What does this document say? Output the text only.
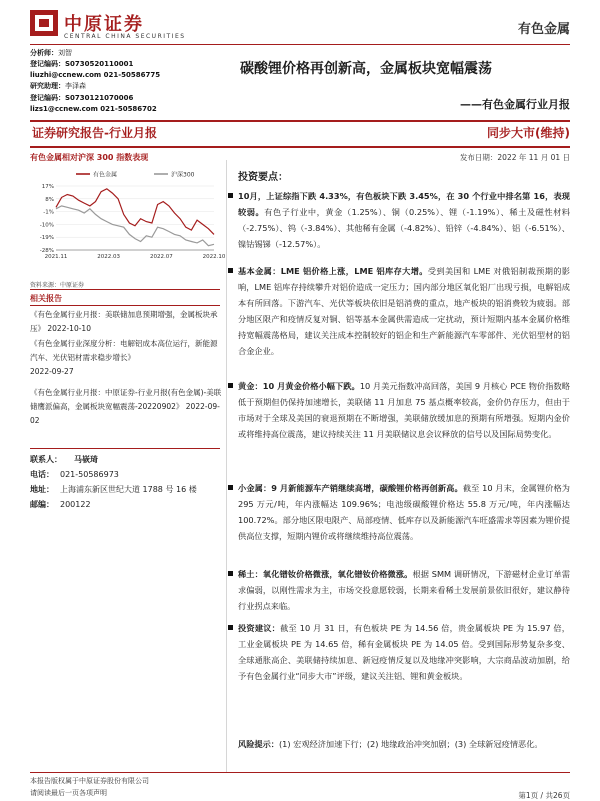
中原证券
CENTRAL CHINA SECURITIES	有色金属
分析师：刘智
登记编码：S0730520110001
liuzhi@ccnew.com 021-50586775
研究助理：李泽森
登记编码：S0730121070006
lizs1@ccnew.com 021-50586702
碳酸锂价格再创新高，金属板块宽幅震荡
——有色金属行业月报
证券研究报告-行业月报	同步大市(维持)
发布日期：2022 年 11 月 01 日
有色金属相对沪深 300 指数表现
有色金属	沪深300
17%
8%
-1%
-10%
-19%
-28%
2021.11	2022.03	2022.07	2022.10
资料来源：中原证券
相关报告
《有色金属行业月报：美联储加息预期增强，金属板块承压》 2022-10-10
《有色金属行业深度分析：电解铝成本高位运行，新能源汽车、光伏铝材需求稳步增长》
2022-09-27
《有色金属行业月报：中原证券-行业月报(有色金属)-美联储鹰派偏高，金属板块宽幅震荡-20220902》 2022-09-02
联系人： 马嵚琦
电话： 021-50586973
地址： 上海浦东新区世纪大道 1788 号 16 楼
邮编： 200122
投资要点：
10月，上证综指下跌 4.33%，有色板块下跌 3.45%，在 30 个行业中排名第 16，表现较弱。有色子行业中，黄金（1.25%）、铜（0.25%）、锂（-1.19%）、稀土及磁性材料（-2.75%）、钨（-3.84%）、其他稀有金属（-4.82%）、铅锌（-4.84%）、铝（-6.51%）、镍钴锡锑（-12.57%）。
基本金属：LME 铝价格上涨，LME 铝库存大增。受到美国和 LME 对俄铝制裁预期的影响，LME 铝库存持续攀升对铝价造成一定压力；国内部分地区氧化铝厂出现亏损，电解铝成本有所回落。下游汽车、光伏等板块依旧是铝消费的重点，地产板块的铝消费较为疲弱。部分地区限产和疫情反复对铜、铝等基本金属供需造成一定扰动，预计短期内基本金属价格维持宽幅震荡格局，建议关注成本控制较好的铝企和生产新能源汽车零部件、光伏铝型材的铝合金企业。
黄金：10 月黄金价格小幅下跌。10 月美元指数冲高回落，美国 9 月核心 PCE 物价指数略低于预期但仍保持加速增长，美联储 11 月加息 75 基点概率较高，金价仍存压力，但由于市场对于全球及美国的衰退预期在不断增强，美联储放缓加息的预期有所增强。短期内金价或将维持高位震荡，建议持续关注 11 月美联储议息会议释放的信号以及国际局势变化。
小金属：9 月新能源车产销继续高增，碳酸锂价格再创新高。截至 10 月末，金属锂价格为 295 万元/吨，年内涨幅达 109.96%；电池级碳酸锂价格达 55.8 万元/吨，年内涨幅达 100.72%。部分地区限电限产、局部疫情、低库存以及新能源汽车旺盛需求等因素为锂价提供高位支撑，短期内锂价或将继续维持高位震荡。
稀土：氧化镨钕价格微涨，氧化镨钕价格微涨。根据 SMM 调研情况，下游磁材企业订单需求偏弱，以刚性需求为主，市场交投意愿较弱，长期来看稀土发展前景依旧很好，建议静待行业拐点来临。
投资建议：截至 10 月 31 日，有色板块 PE 为 14.56 倍，贵金属板块 PE 为 15.97 倍，工业金属板块 PE 为 14.65 倍，稀有金属板块 PE 为 14.05 倍。受到国际形势复杂多变、全球通胀高企、美联储持续加息、新冠疫情反复以及地缘冲突影响，大宗商品波动加剧，给予有色金属行业“同步大市”评级，建议关注铝、锂和黄金板块。
风险提示：(1) 宏观经济加速下行；(2) 地缘政治冲突加剧；(3) 全球新冠疫情恶化。
本报告版权属于中原证券股份有限公司
请阅读最后一页各项声明	第1页 / 共26页
